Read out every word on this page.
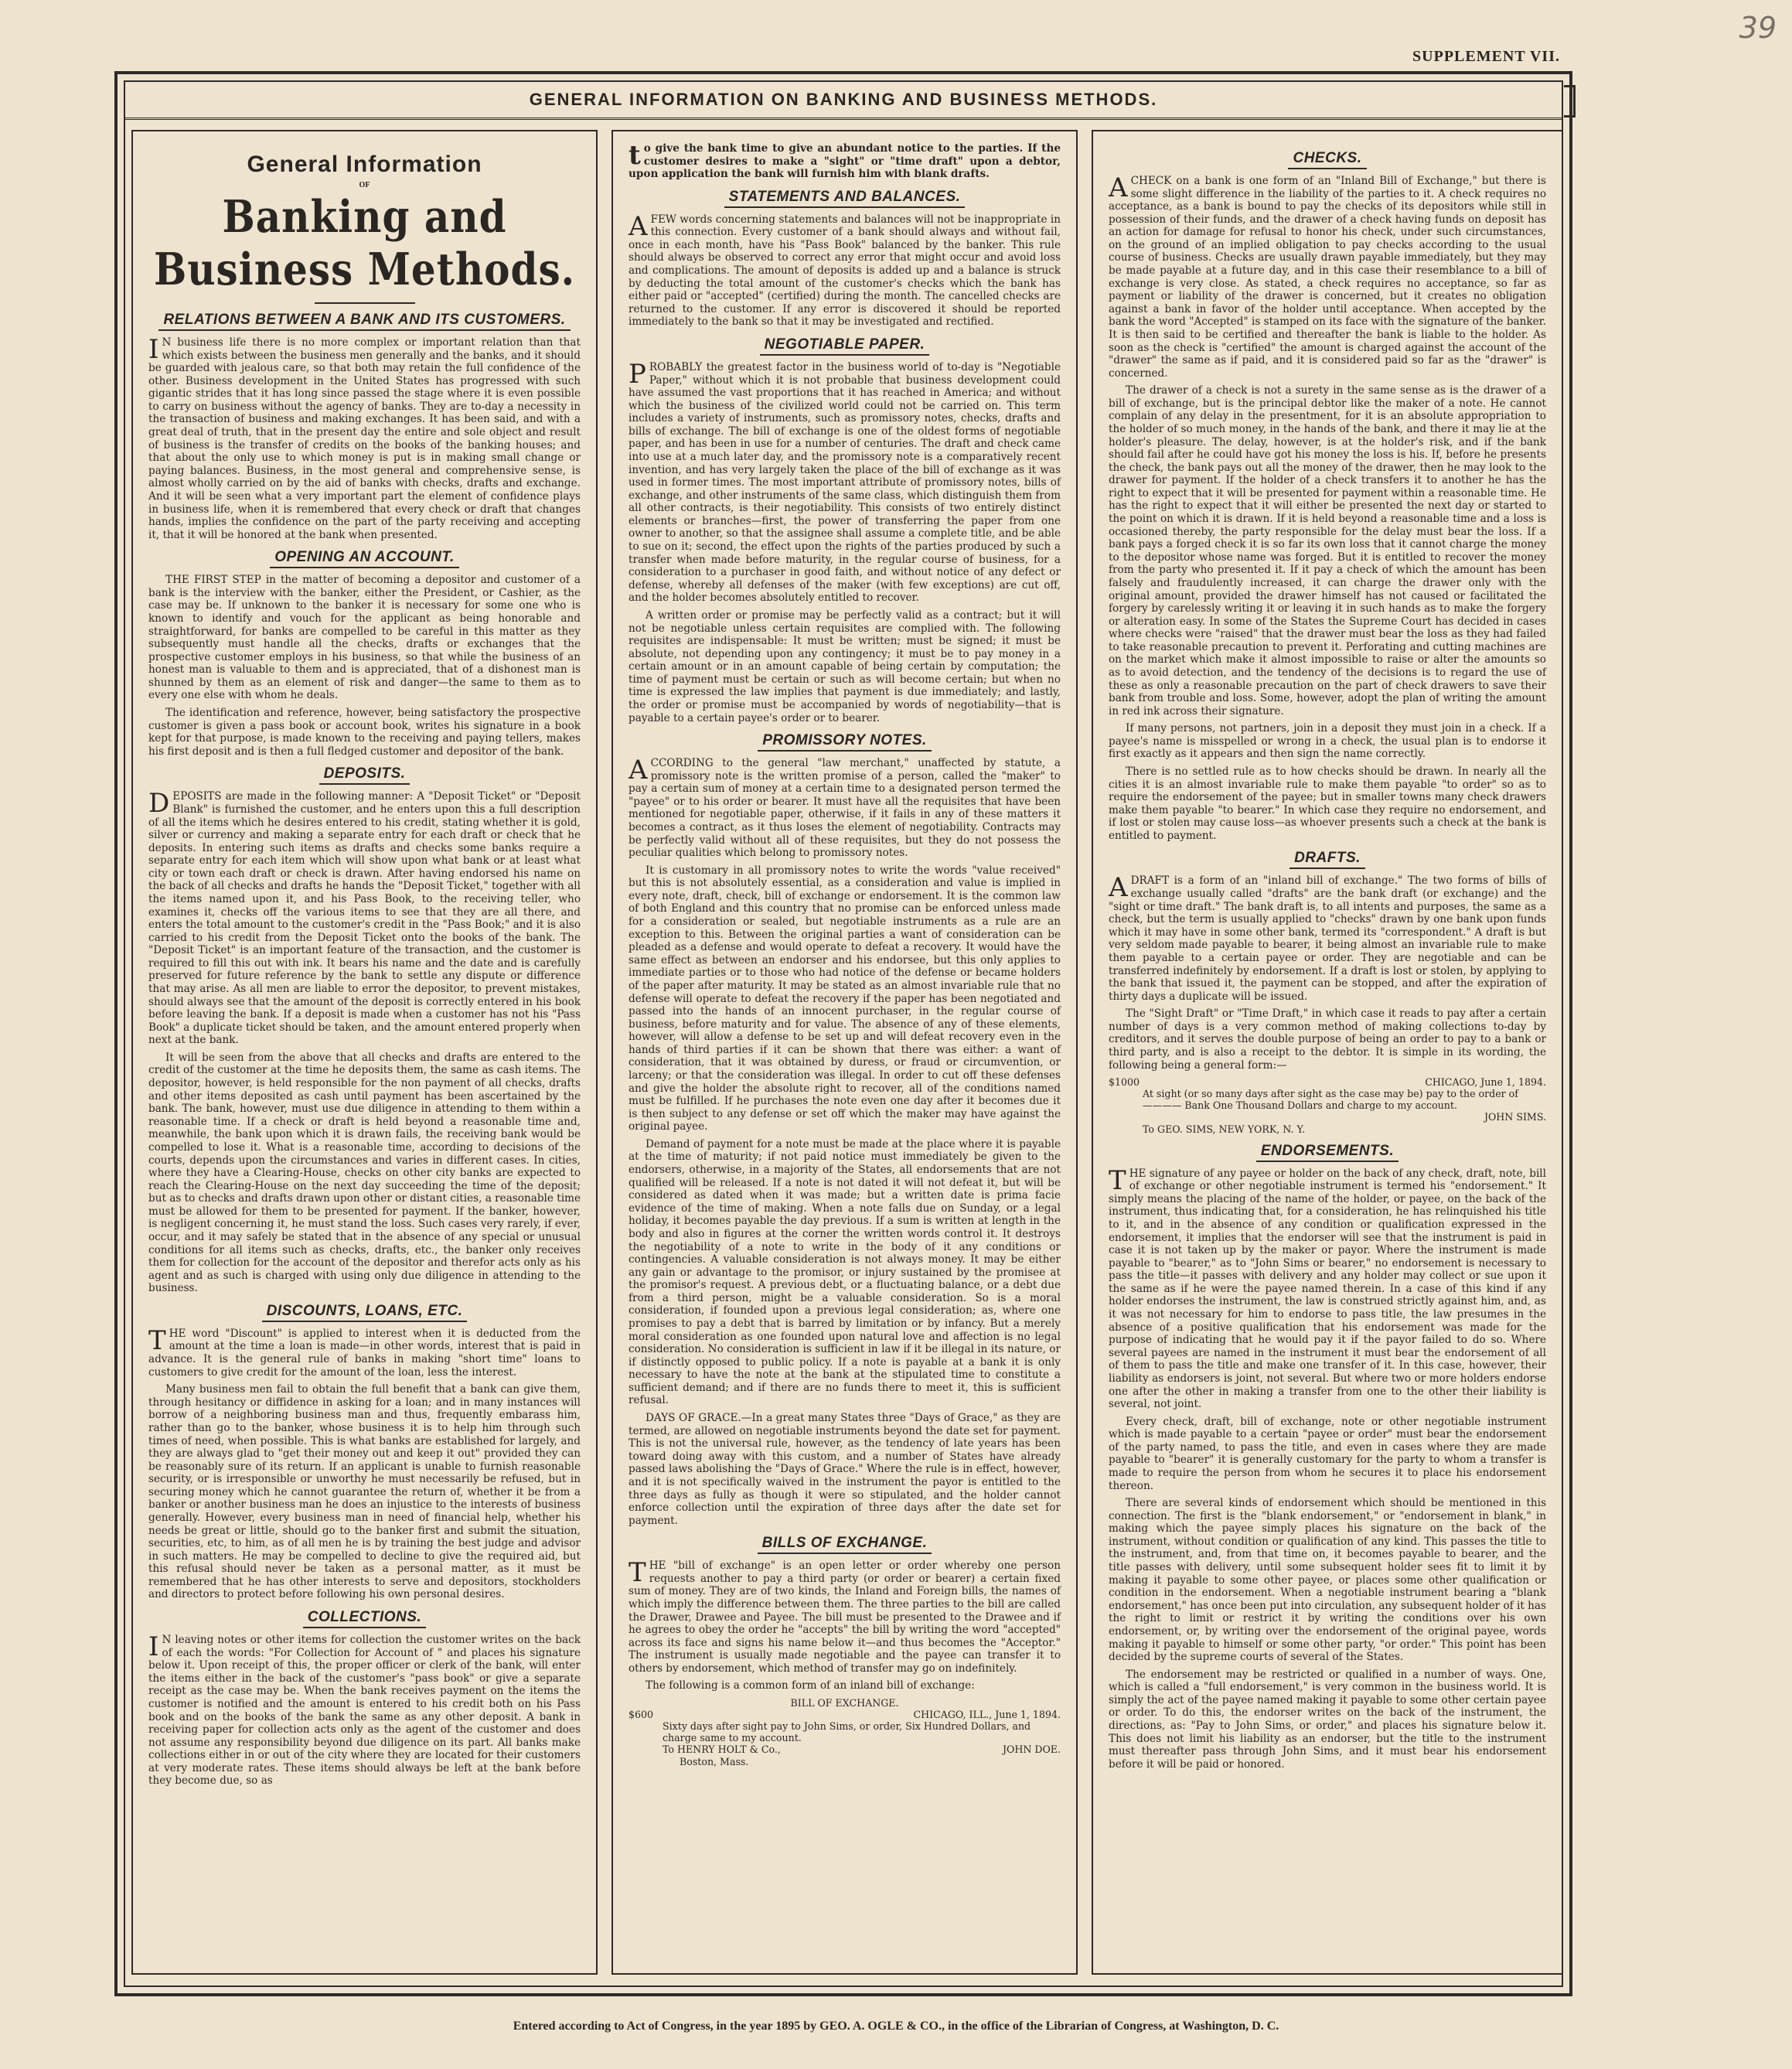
39
SUPPLEMENT VII.
GENERAL INFORMATION ON BANKING AND BUSINESS METHODS.
General Information
OF
Banking and Business Methods.
RELATIONS BETWEEN A BANK AND ITS CUSTOMERS.

IN business life there is no more complex or important relation than that which exists between the business men generally and the banks, and it should be guarded with jealous care, so that both may retain the full confidence of the other. Business development in the United States has progressed with such gigantic strides that it has long since passed the stage where it is even possible to carry on business without the agency of banks. They are to-day a necessity in the transaction of business and making exchanges. It has been said, and with a great deal of truth, that in the present day the entire and sole object and result of business is the transfer of credits on the books of the banking houses; and that about the only use to which money is put is in making small change or paying balances. Business, in the most general and comprehensive sense, is almost wholly carried on by the aid of banks with checks, drafts and exchange. And it will be seen what a very important part the element of confidence plays in business life, when it is remembered that every check or draft that changes hands, implies the confidence on the part of the party receiving and accepting it, that it will be honored at the bank when presented.

OPENING AN ACCOUNT.

THE FIRST STEP in the matter of becoming a depositor and customer of a bank is the interview with the banker, either the President, or Cashier, as the case may be. If unknown to the banker it is necessary for some one who is known to identify and vouch for the applicant as being honorable and straightforward, for banks are compelled to be careful in this matter as they subsequently must handle all the checks, drafts or exchanges that the prospective customer employs in his business, so that while the business of an honest man is valuable to them and is appreciated, that of a dishonest man is shunned by them as an element of risk and danger—the same to them as to every one else with whom he deals.

The identification and reference, however, being satisfactory the prospective customer is given a pass book or account book, writes his signature in a book kept for that purpose, is made known to the receiving and paying tellers, makes his first deposit and is then a full fledged customer and depositor of the bank.

DEPOSITS.

DEPOSITS are made in the following manner: A "Deposit Ticket" or "Deposit Blank" is furnished the customer, and he enters upon this a full description of all the items which he desires entered to his credit, stating whether it is gold, silver or currency and making a separate entry for each draft or check that he deposits. In entering such items as drafts and checks some banks require a separate entry for each item which will show upon what bank or at least what city or town each draft or check is drawn. After having endorsed his name on the back of all checks and drafts he hands the "Deposit Ticket," together with all the items named upon it, and his Pass Book, to the receiving teller, who examines it, checks off the various items to see that they are all there, and enters the total amount to the customer's credit in the "Pass Book;" and it is also carried to his credit from the Deposit Ticket onto the books of the bank. The "Deposit Ticket" is an important feature of the transaction, and the customer is required to fill this out with ink. It bears his name and the date and is carefully preserved for future reference by the bank to settle any dispute or difference that may arise. As all men are liable to error the depositor, to prevent mistakes, should always see that the amount of the deposit is correctly entered in his book before leaving the bank. If a deposit is made when a customer has not his "Pass Book" a duplicate ticket should be taken, and the amount entered properly when next at the bank.

It will be seen from the above that all checks and drafts are entered to the credit of the customer at the time he deposits them, the same as cash items. The depositor, however, is held responsible for the non payment of all checks, drafts and other items deposited as cash until payment has been ascertained by the bank. The bank, however, must use due diligence in attending to them within a reasonable time. If a check or draft is held beyond a reasonable time and, meanwhile, the bank upon which it is drawn fails, the receiving bank would be compelled to lose it. What is a reasonable time, according to decisions of the courts, depends upon the circumstances and varies in different cases. In cities, where they have a Clearing-House, checks on other city banks are expected to reach the Clearing-House on the next day succeeding the time of the deposit; but as to checks and drafts drawn upon other or distant cities, a reasonable time must be allowed for them to be presented for payment. If the banker, however, is negligent concerning it, he must stand the loss. Such cases very rarely, if ever, occur, and it may safely be stated that in the absence of any special or unusual conditions for all items such as checks, drafts, etc., the banker only receives them for collection for the account of the depositor and therefor acts only as his agent and as such is charged with using only due diligence in attending to the business.

DISCOUNTS, LOANS, ETC.

THE word "Discount" is applied to interest when it is deducted from the amount at the time a loan is made—in other words, interest that is paid in advance. It is the general rule of banks in making "short time" loans to customers to give credit for the amount of the loan, less the interest.

Many business men fail to obtain the full benefit that a bank can give them, through hesitancy or diffidence in asking for a loan; and in many instances will borrow of a neighboring business man and thus, frequently embarass him, rather than go to the banker, whose business it is to help him through such times of need, when possible. This is what banks are established for largely, and they are always glad to "get their money out and keep it out" provided they can be reasonably sure of its return. If an applicant is unable to furnish reasonable security, or is irresponsible or unworthy he must necessarily be refused, but in securing money which he cannot guarantee the return of, whether it be from a banker or another business man he does an injustice to the interests of business generally. However, every business man in need of financial help, whether his needs be great or little, should go to the banker first and submit the situation, securities, etc, to him, as of all men he is by training the best judge and advisor in such matters. He may be compelled to decline to give the required aid, but this refusal should never be taken as a personal matter, as it must be remembered that he has other interests to serve and depositors, stockholders and directors to protect before following his own personal desires.

COLLECTIONS.

IN leaving notes or other items for collection the customer writes on the back of each the words: "For Collection for Account of " and places his signature below it. Upon receipt of this, the proper officer or clerk of the bank, will enter the items either in the back of the customer's "pass book" or give a separate receipt as the case may be. When the bank receives payment on the items the customer is notified and the amount is entered to his credit both on his Pass book and on the books of the bank the same as any other deposit. A bank in receiving paper for collection acts only as the agent of the customer and does not assume any responsibility beyond due diligence on its part. All banks make collections either in or out of the city where they are located for their customers at very moderate rates. These items should always be left at the bank before they become due, so as

to give the bank time to give an abundant notice to the parties. If the customer desires to make a "sight" or "time draft" upon a debtor, upon application the bank will furnish him with blank drafts.

STATEMENTS AND BALANCES.

AFEW words concerning statements and balances will not be inappropriate in this connection. Every customer of a bank should always and without fail, once in each month, have his "Pass Book" balanced by the banker. This rule should always be observed to correct any error that might occur and avoid loss and complications. The amount of deposits is added up and a balance is struck by deducting the total amount of the customer's checks which the bank has either paid or "accepted" (certified) during the month. The cancelled checks are returned to the customer. If any error is discovered it should be reported immediately to the bank so that it may be investigated and rectified.

NEGOTIABLE PAPER.

PROBABLY the greatest factor in the business world of to-day is "Negotiable Paper," without which it is not probable that business development could have assumed the vast proportions that it has reached in America; and without which the business of the civilized world could not be carried on. This term includes a variety of instruments, such as promissory notes, checks, drafts and bills of exchange. The bill of exchange is one of the oldest forms of negotiable paper, and has been in use for a number of centuries. The draft and check came into use at a much later day, and the promissory note is a comparatively recent invention, and has very largely taken the place of the bill of exchange as it was used in former times. The most important attribute of promissory notes, bills of exchange, and other instruments of the same class, which distinguish them from all other contracts, is their negotiability. This consists of two entirely distinct elements or branches—first, the power of transferring the paper from one owner to another, so that the assignee shall assume a complete title, and be able to sue on it; second, the effect upon the rights of the parties produced by such a transfer when made before maturity, in the regular course of business, for a consideration to a purchaser in good faith, and without notice of any defect or defense, whereby all defenses of the maker (with few exceptions) are cut off, and the holder becomes absolutely entitled to recover.

A written order or promise may be perfectly valid as a contract; but it will not be negotiable unless certain requisites are complied with. The following requisites are indispensable: It must be written; must be signed; it must be absolute, not depending upon any contingency; it must be to pay money in a certain amount or in an amount capable of being certain by computation; the time of payment must be certain or such as will become certain; but when no time is expressed the law implies that payment is due immediately; and lastly, the order or promise must be accompanied by words of negotiability—that is payable to a certain payee's order or to bearer.

PROMISSORY NOTES.

ACCORDING to the general "law merchant," unaffected by statute, a promissory note is the written promise of a person, called the "maker" to pay a certain sum of money at a certain time to a designated person termed the "payee" or to his order or bearer. It must have all the requisites that have been mentioned for negotiable paper, otherwise, if it fails in any of these matters it becomes a contract, as it thus loses the element of negotiability. Contracts may be perfectly valid without all of these requisites, but they do not possess the peculiar qualities which belong to promissory notes.

It is customary in all promissory notes to write the words "value received" but this is not absolutely essential, as a consideration and value is implied in every note, draft, check, bill of exchange or endorsement. It is the common law of both England and this country that no promise can be enforced unless made for a consideration or sealed, but negotiable instruments as a rule are an exception to this. Between the original parties a want of consideration can be pleaded as a defense and would operate to defeat a recovery. It would have the same effect as between an endorser and his endorsee, but this only applies to immediate parties or to those who had notice of the defense or became holders of the paper after maturity. It may be stated as an almost invariable rule that no defense will operate to defeat the recovery if the paper has been negotiated and passed into the hands of an innocent purchaser, in the regular course of business, before maturity and for value. The absence of any of these elements, however, will allow a defense to be set up and will defeat recovery even in the hands of third parties if it can be shown that there was either: a want of consideration, that it was obtained by duress, or fraud or circumvention, or larceny; or that the consideration was illegal. In order to cut off these defenses and give the holder the absolute right to recover, all of the conditions named must be fulfilled. If he purchases the note even one day after it becomes due it is then subject to any defense or set off which the maker may have against the original payee.

Demand of payment for a note must be made at the place where it is payable at the time of maturity; if not paid notice must immediately be given to the endorsers, otherwise, in a majority of the States, all endorsements that are not qualified will be released. If a note is not dated it will not defeat it, but will be considered as dated when it was made; but a written date is prima facie evidence of the time of making. When a note falls due on Sunday, or a legal holiday, it becomes payable the day previous. If a sum is written at length in the body and also in figures at the corner the written words control it. It destroys the negotiability of a note to write in the body of it any conditions or contingencies. A valuable consideration is not always money. It may be either any gain or advantage to the promisor, or injury sustained by the promisee at the promisor's request. A previous debt, or a fluctuating balance, or a debt due from a third person, might be a valuable consideration. So is a moral consideration, if founded upon a previous legal consideration; as, where one promises to pay a debt that is barred by limitation or by infancy. But a merely moral consideration as one founded upon natural love and affection is no legal consideration. No consideration is sufficient in law if it be illegal in its nature, or if distinctly opposed to public policy. If a note is payable at a bank it is only necessary to have the note at the bank at the stipulated time to constitute a sufficient demand; and if there are no funds there to meet it, this is sufficient refusal.

DAYS OF GRACE.—In a great many States three "Days of Grace," as they are termed, are allowed on negotiable instruments beyond the date set for payment. This is not the universal rule, however, as the tendency of late years has been toward doing away with this custom, and a number of States have already passed laws abolishing the "Days of Grace." Where the rule is in effect, however, and it is not specifically waived in the instrument the payor is entitled to the three days as fully as though it were so stipulated, and the holder cannot enforce collection until the expiration of three days after the date set for payment.

BILLS OF EXCHANGE.

THE "bill of exchange" is an open letter or order whereby one person requests another to pay a third party (or order or bearer) a certain fixed sum of money. They are of two kinds, the Inland and Foreign bills, the names of which imply the difference between them. The three parties to the bill are called the Drawer, Drawee and Payee. The bill must be presented to the Drawee and if he agrees to obey the order he "accepts" the bill by writing the word "accepted" across its face and signs his name below it—and thus becomes the "Acceptor." The instrument is usually made negotiable and the payee can transfer it to others by endorsement, which method of transfer may go on indefinitely.

The following is a common form of an inland bill of exchange:

BILL OF EXCHANGE.
$600	CHICAGO, ILL., June 1, 1894.
Sixty days after sight pay to John Sims, or order, Six Hundred Dollars, and charge same to my account.
To HENRY HOLT & Co.,	JOHN DOE.
Boston, Mass.
CHECKS.

ACHECK on a bank is one form of an "Inland Bill of Exchange," but there is some slight difference in the liability of the parties to it. A check requires no acceptance, as a bank is bound to pay the checks of its depositors while still in possession of their funds, and the drawer of a check having funds on deposit has an action for damage for refusal to honor his check, under such circumstances, on the ground of an implied obligation to pay checks according to the usual course of business. Checks are usually drawn payable immediately, but they may be made payable at a future day, and in this case their resemblance to a bill of exchange is very close. As stated, a check requires no acceptance, so far as payment or liability of the drawer is concerned, but it creates no obligation against a bank in favor of the holder until acceptance. When accepted by the bank the word "Accepted" is stamped on its face with the signature of the banker. It is then said to be certified and thereafter the bank is liable to the holder. As soon as the check is "certified" the amount is charged against the account of the "drawer" the same as if paid, and it is considered paid so far as the "drawer" is concerned.

The drawer of a check is not a surety in the same sense as is the drawer of a bill of exchange, but is the principal debtor like the maker of a note. He cannot complain of any delay in the presentment, for it is an absolute appropriation to the holder of so much money, in the hands of the bank, and there it may lie at the holder's pleasure. The delay, however, is at the holder's risk, and if the bank should fail after he could have got his money the loss is his. If, before he presents the check, the bank pays out all the money of the drawer, then he may look to the drawer for payment. If the holder of a check transfers it to another he has the right to expect that it will be presented for payment within a reasonable time. He has the right to expect that it will either be presented the next day or started to the point on which it is drawn. If it is held beyond a reasonable time and a loss is occasioned thereby, the party responsible for the delay must bear the loss. If a bank pays a forged check it is so far its own loss that it cannot charge the money to the depositor whose name was forged. But it is entitled to recover the money from the party who presented it. If it pay a check of which the amount has been falsely and fraudulently increased, it can charge the drawer only with the original amount, provided the drawer himself has not caused or facilitated the forgery by carelessly writing it or leaving it in such hands as to make the forgery or alteration easy. In some of the States the Supreme Court has decided in cases where checks were "raised" that the drawer must bear the loss as they had failed to take reasonable precaution to prevent it. Perforating and cutting machines are on the market which make it almost impossible to raise or alter the amounts so as to avoid detection, and the tendency of the decisions is to regard the use of these as only a reasonable precaution on the part of check drawers to save their bank from trouble and loss. Some, however, adopt the plan of writing the amount in red ink across their signature.

If many persons, not partners, join in a deposit they must join in a check. If a payee's name is misspelled or wrong in a check, the usual plan is to endorse it first exactly as it appears and then sign the name correctly.

There is no settled rule as to how checks should be drawn. In nearly all the cities it is an almost invariable rule to make them payable "to order" so as to require the endorsement of the payee; but in smaller towns many check drawers make them payable "to bearer." In which case they require no endorsement, and if lost or stolen may cause loss—as whoever presents such a check at the bank is entitled to payment.

DRAFTS.

ADRAFT is a form of an "inland bill of exchange." The two forms of bills of exchange usually called "drafts" are the bank draft (or exchange) and the "sight or time draft." The bank draft is, to all intents and purposes, the same as a check, but the term is usually applied to "checks" drawn by one bank upon funds which it may have in some other bank, termed its "correspondent." A draft is but very seldom made payable to bearer, it being almost an invariable rule to make them payable to a certain payee or order. They are negotiable and can be transferred indefinitely by endorsement. If a draft is lost or stolen, by applying to the bank that issued it, the payment can be stopped, and after the expiration of thirty days a duplicate will be issued.

The "Sight Draft" or "Time Draft," in which case it reads to pay after a certain number of days is a very common method of making collections to-day by creditors, and it serves the double purpose of being an order to pay to a bank or third party, and is also a receipt to the debtor. It is simple in its wording, the following being a general form:—

$1000	CHICAGO, June 1, 1894.
At sight (or so many days after sight as the case may be) pay to the order of ———— Bank One Thousand Dollars and charge to my account.
JOHN SIMS.
To GEO. SIMS, NEW YORK, N. Y.
ENDORSEMENTS.

THE signature of any payee or holder on the back of any check, draft, note, bill of exchange or other negotiable instrument is termed his "endorsement." It simply means the placing of the name of the holder, or payee, on the back of the instrument, thus indicating that, for a consideration, he has relinquished his title to it, and in the absence of any condition or qualification expressed in the endorsement, it implies that the endorser will see that the instrument is paid in case it is not taken up by the maker or payor. Where the instrument is made payable to "bearer," as to "John Sims or bearer," no endorsement is necessary to pass the title—it passes with delivery and any holder may collect or sue upon it the same as if he were the payee named therein. In a case of this kind if any holder endorses the instrument, the law is construed strictly against him, and, as it was not necessary for him to endorse to pass title, the law presumes in the absence of a positive qualification that his endorsement was made for the purpose of indicating that he would pay it if the payor failed to do so. Where several payees are named in the instrument it must bear the endorsement of all of them to pass the title and make one transfer of it. In this case, however, their liability as endorsers is joint, not several. But where two or more holders endorse one after the other in making a transfer from one to the other their liability is several, not joint.

Every check, draft, bill of exchange, note or other negotiable instrument which is made payable to a certain "payee or order" must bear the endorsement of the party named, to pass the title, and even in cases where they are made payable to "bearer" it is generally customary for the party to whom a transfer is made to require the person from whom he secures it to place his endorsement thereon.

There are several kinds of endorsement which should be mentioned in this connection. The first is the "blank endorsement," or "endorsement in blank," in making which the payee simply places his signature on the back of the instrument, without condition or qualification of any kind. This passes the title to the instrument, and, from that time on, it becomes payable to bearer, and the title passes with delivery, until some subsequent holder sees fit to limit it by making it payable to some other payee, or places some other qualification or condition in the endorsement. When a negotiable instrument bearing a "blank endorsement," has once been put into circulation, any subsequent holder of it has the right to limit or restrict it by writing the conditions over his own endorsement, or, by writing over the endorsement of the original payee, words making it payable to himself or some other party, "or order." This point has been decided by the supreme courts of several of the States.

The endorsement may be restricted or qualified in a number of ways. One, which is called a "full endorsement," is very common in the business world. It is simply the act of the payee named making it payable to some other certain payee or order. To do this, the endorser writes on the back of the instrument, the directions, as: "Pay to John Sims, or order," and places his signature below it. This does not limit his liability as an endorser, but the title to the instrument must thereafter pass through John Sims, and it must bear his endorsement before it will be paid or honored.

Entered according to Act of Congress, in the year 1895 by GEO. A. OGLE & CO., in the office of the Librarian of Congress, at Washington, D. C.
